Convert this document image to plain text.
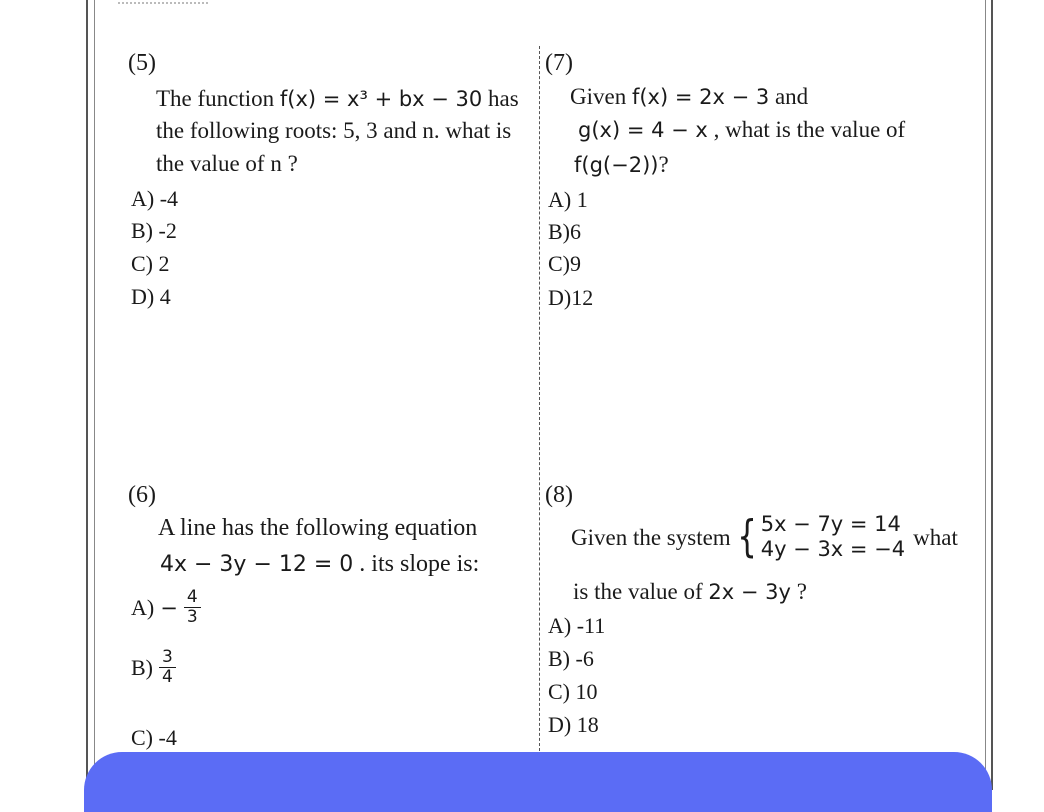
(5)
The function f(x) = x³ + bx − 30 has
the following roots: 5, 3 and n. what is
the value of n ?
A) -4
B) -2
C) 2
D) 4
(7)
Given f(x) = 2x − 3 and
g(x) = 4 − x , what is the value of
f(g(−2))?
A) 1
B)6
C)9
D)12
(6)
A line has the following equation
4x − 3y − 12 = 0 . its slope is:
$A) - \frac{4}{3}$
$B) \frac{3}{4}$
C) -4
(8)
Given the system { 5x − 7y = 14
4y − 3x = −4 what
is the value of 2x − 3y ?
A) -11
B) -6
C) 10
D) 18
